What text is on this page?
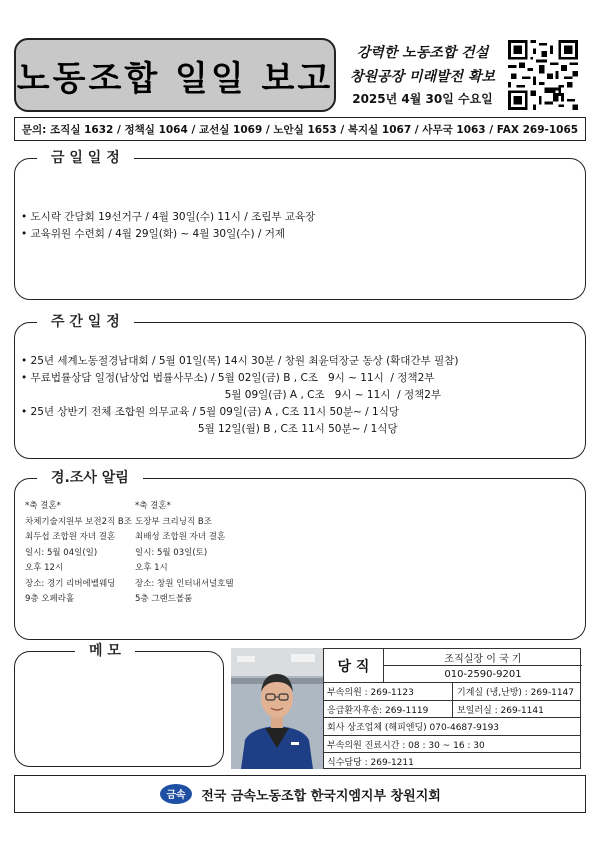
노동조합 일일 보고
강력한 노동조합 건설
창원공장 미래발전 확보
2025년 4월 30일 수요일
문의: 조직실 1632 / 정책실 1064 / 교선실 1069 / 노안실 1653 / 복지실 1067 / 사무국 1063 / FAX 269-1065
금 일 일 정
• 도시락 간담회 19선거구 / 4월 30일(수) 11시 / 조립부 교육장
• 교육위원 수련회 / 4월 29일(화) ~ 4월 30일(수) / 거제
주 간 일 정
• 25년 세계노동절경남대회 / 5월 01일(목) 14시 30분 / 창원 최윤덕장군 동상 (확대간부 필참)
• 무료법률상담 일정(남상업 법률사무소) / 5월 02일(금) B , C조   9시 ~ 11시  / 정책2부
5월 09일(금) A , C조   9시 ~ 11시  / 정책2부
• 25년 상반기 전체 조합원 의무교육 / 5월 09일(금) A , C조 11시 50분~ / 1식당
5월 12일(월) B , C조 11시 50분~ / 1식당
경.조사 알림
*축 결혼*
차체기술지원부 보전2직 B조
최두섭 조합원 자녀 결혼
일시: 5월 04일(일)
오후 12시
장소: 경기 리버에벨웨딩
9층 오페라홀
*축 결혼*
도장부 크리닝직 B조
최배성 조합원 자녀 결혼
일시: 5월 03일(토)
오후 1시
장소: 창원 인터내셔널호텔
5층 그랜드볼룸
메 모
당 직	조직실장 이 국 기
010-2590-9201
부속의원 : 269-1123	기계실 (냉,난방) : 269-1147
응급환자후송: 269-1119	보일러실 : 269-1141
회사 상조업체 (해피엔딩) 070-4687-9193
부속의원 진료시간 : 08 : 30 ~ 16 : 30
식수담당 : 269-1211
금속 전국 금속노동조합 한국지엠지부 창원지회
